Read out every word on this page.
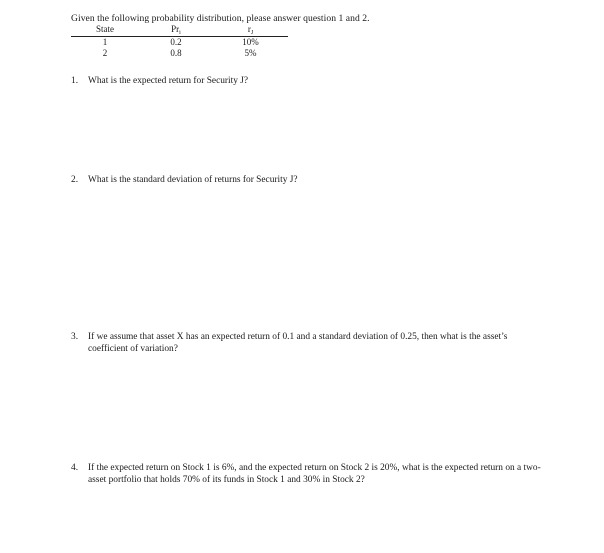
Given the following probability distribution, please answer question 1 and 2.
State	$Pr_i$	$r_J$
1	0.2	10%
2	0.8	5%
1.	What is the expected return for Security J?
2.	What is the standard deviation of returns for Security J?
3.	If we assume that asset X has an expected return of 0.1 and a standard deviation of 0.25, then what is the asset’s coefficient of variation?
4.	If the expected return on Stock 1 is 6%, and the expected return on Stock 2 is 20%, what is the expected return on a two-asset portfolio that holds 70% of its funds in Stock 1 and 30% in Stock 2?
